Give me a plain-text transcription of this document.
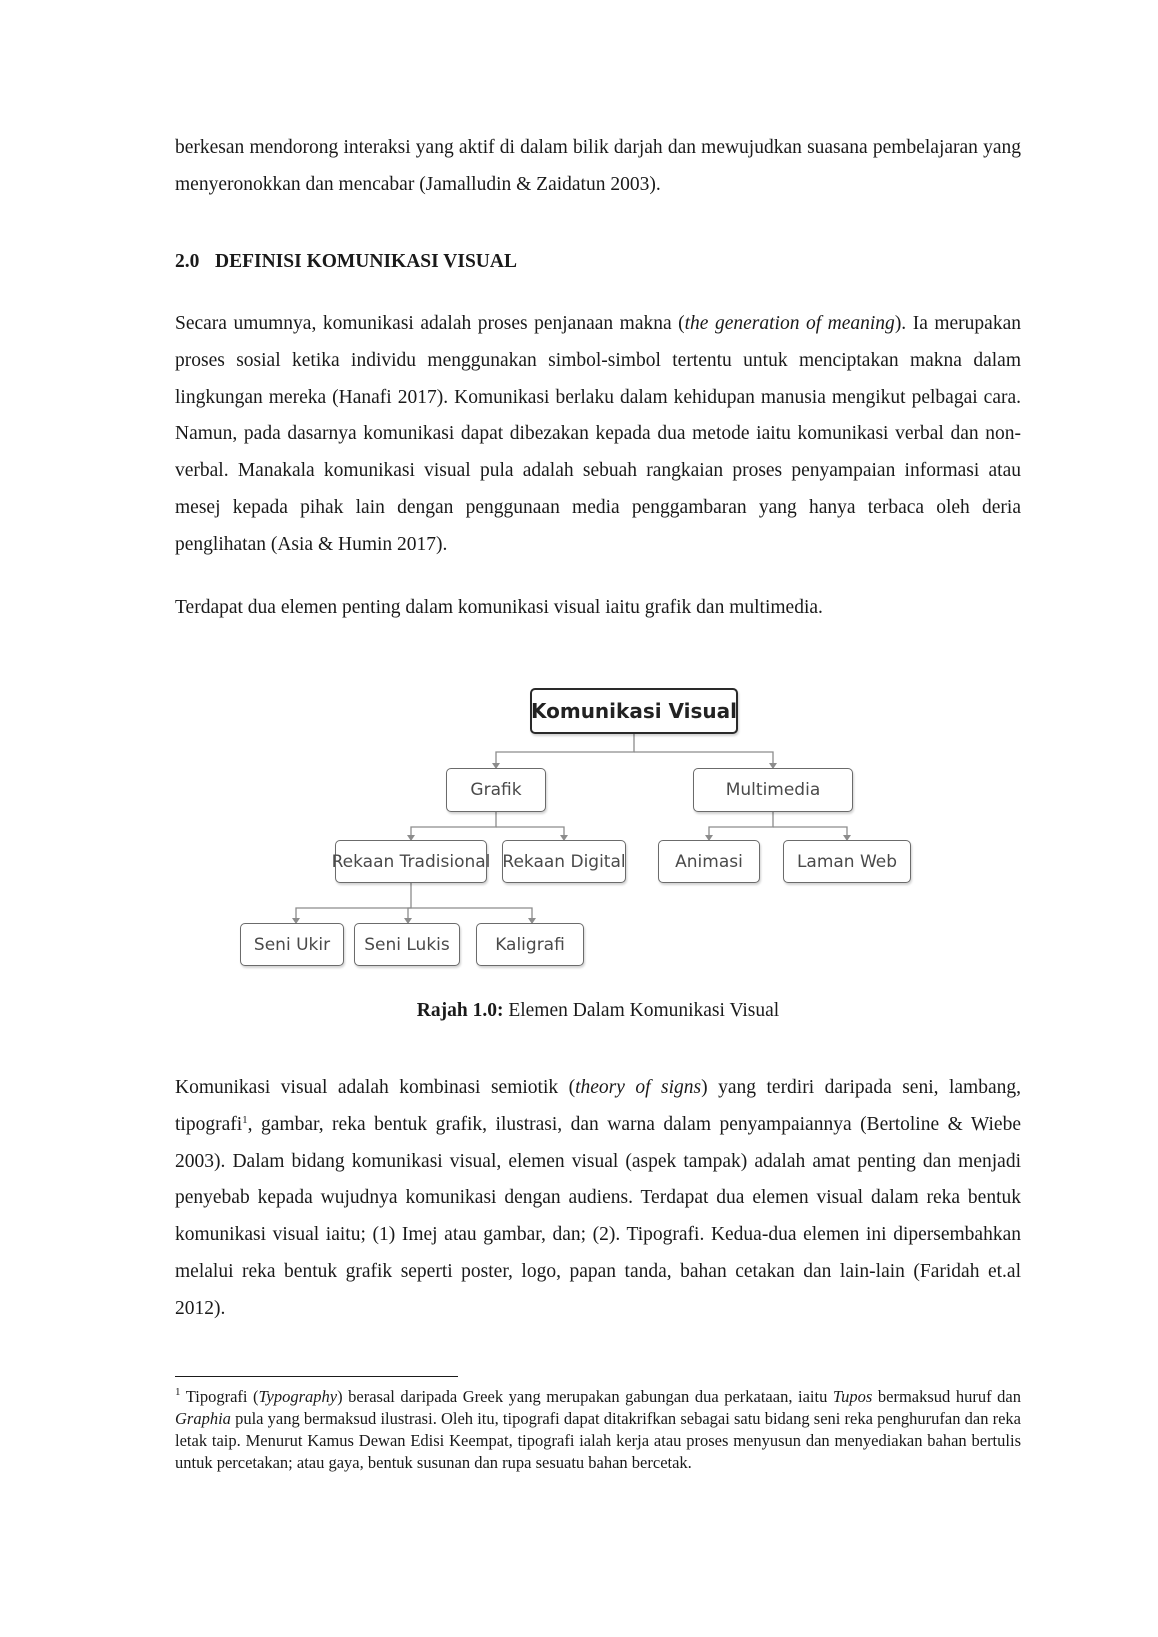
berkesan mendorong interaksi yang aktif di dalam bilik darjah dan mewujudkan suasana pembelajaran yang menyeronokkan dan mencabar (Jamalludin & Zaidatun 2003).

2.0 DEFINISI KOMUNIKASI VISUAL

Secara umumnya, komunikasi adalah proses penjanaan makna (the generation of meaning). Ia merupakan proses sosial ketika individu menggunakan simbol-simbol tertentu untuk menciptakan makna dalam lingkungan mereka (Hanafi 2017). Komunikasi berlaku dalam kehidupan manusia mengikut pelbagai cara. Namun, pada dasarnya komunikasi dapat dibezakan kepada dua metode iaitu komunikasi verbal dan non-verbal. Manakala komunikasi visual pula adalah sebuah rangkaian proses penyampaian informasi atau mesej kepada pihak lain dengan penggunaan media penggambaran yang hanya terbaca oleh deria penglihatan (Asia & Humin 2017).

Terdapat dua elemen penting dalam komunikasi visual iaitu grafik dan multimedia.

Komunikasi Visual
Grafik	Multimedia
Rekaan Tradisional Rekaan Digital	Animasi	Laman Web
Seni Ukir	Seni Lukis	Kaligrafi

Rajah 1.0: Elemen Dalam Komunikasi Visual

Komunikasi visual adalah kombinasi semiotik (theory of signs) yang terdiri daripada seni, lambang, tipografi$^1$, gambar, reka bentuk grafik, ilustrasi, dan warna dalam penyampaiannya (Bertoline & Wiebe 2003). Dalam bidang komunikasi visual, elemen visual (aspek tampak) adalah amat penting dan menjadi penyebab kepada wujudnya komunikasi dengan audiens. Terdapat dua elemen visual dalam reka bentuk komunikasi visual iaitu; (1) Imej atau gambar, dan; (2). Tipografi. Kedua-dua elemen ini dipersembahkan melalui reka bentuk grafik seperti poster, logo, papan tanda, bahan cetakan dan lain-lain (Faridah et.al 2012).

$^1$ Tipografi (Typography) berasal daripada Greek yang merupakan gabungan dua perkataan, iaitu Tupos bermaksud huruf dan Graphia pula yang bermaksud ilustrasi. Oleh itu, tipografi dapat ditakrifkan sebagai satu bidang seni reka penghurufan dan reka letak taip. Menurut Kamus Dewan Edisi Keempat, tipografi ialah kerja atau proses menyusun dan menyediakan bahan bertulis untuk percetakan; atau gaya, bentuk susunan dan rupa sesuatu bahan bercetak.
